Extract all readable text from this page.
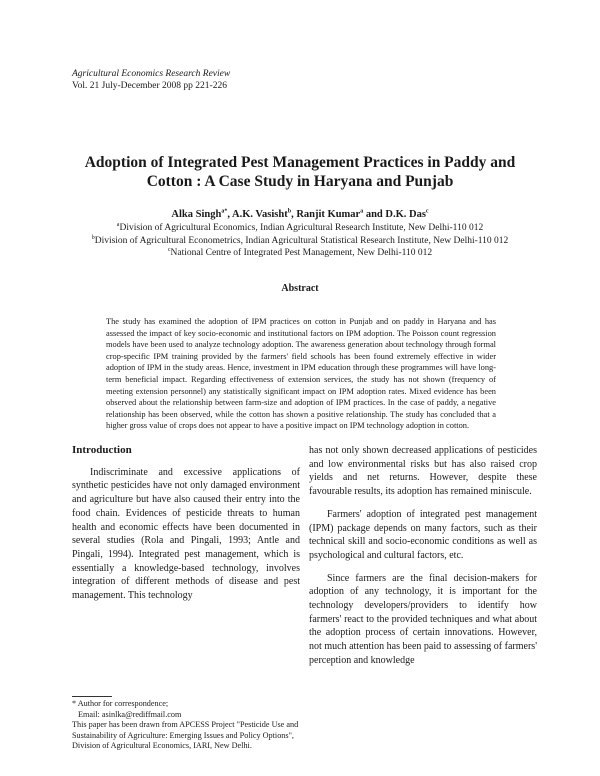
Agricultural Economics Research Review
Vol. 21 July-December 2008 pp 221-226
Adoption of Integrated Pest Management Practices in Paddy and
Cotton : A Case Study in Haryana and Punjab
Alka Singh$^{a*}$, A.K. Vasisht$^b$, Ranjit Kumar$^a$ and D.K. Das$^c$
$^a$Division of Agricultural Economics, Indian Agricultural Research Institute, New Delhi-110 012
$^b$Division of Agricultural Econometrics, Indian Agricultural Statistical Research Institute, New Delhi-110 012
$^c$National Centre of Integrated Pest Management, New Delhi-110 012
Abstract
The study has examined the adoption of IPM practices on cotton in Punjab and on paddy in Haryana and has assessed the impact of key socio-economic and institutional factors on IPM adoption. The Poisson count regression models have been used to analyze technology adoption. The awareness generation about technology through formal crop-specific IPM training provided by the farmers' field schools has been found extremely effective in wider adoption of IPM in the study areas. Hence, investment in IPM education through these programmes will have long-term beneficial impact. Regarding effectiveness of extension services, the study has not shown (frequency of meeting extension personnel) any statistically significant impact on IPM adoption rates. Mixed evidence has been observed about the relationship between farm-size and adoption of IPM practices. In the case of paddy, a negative relationship has been observed, while the cotton has shown a positive relationship. The study has concluded that a higher gross value of crops does not appear to have a positive impact on IPM technology adoption in cotton.
Introduction

Indiscriminate and excessive applications of synthetic pesticides have not only damaged environment and agriculture but have also caused their entry into the food chain. Evidences of pesticide threats to human health and economic effects have been documented in several studies (Rola and Pingali, 1993; Antle and Pingali, 1994). Integrated pest management, which is essentially a knowledge-based technology, involves integration of different methods of disease and pest management. This technology

has not only shown decreased applications of pesticides and low environmental risks but has also raised crop yields and net returns. However, despite these favourable results, its adoption has remained miniscule.

Farmers' adoption of integrated pest management (IPM) package depends on many factors, such as their technical skill and socio-economic conditions as well as psychological and cultural factors, etc.

Since farmers are the final decision-makers for adoption of any technology, it is important for the technology developers/providers to identify how farmers' react to the provided techniques and what about the adoption process of certain innovations. However, not much attention has been paid to assessing of farmers' perception and knowledge

* Author for correspondence;
Email: asinlka@rediffmail.com
This paper has been drawn from APCESS Project "Pesticide Use and Sustainability of Agriculture: Emerging Issues and Policy Options", Division of Agricultural Economics, IARI, New Delhi.
